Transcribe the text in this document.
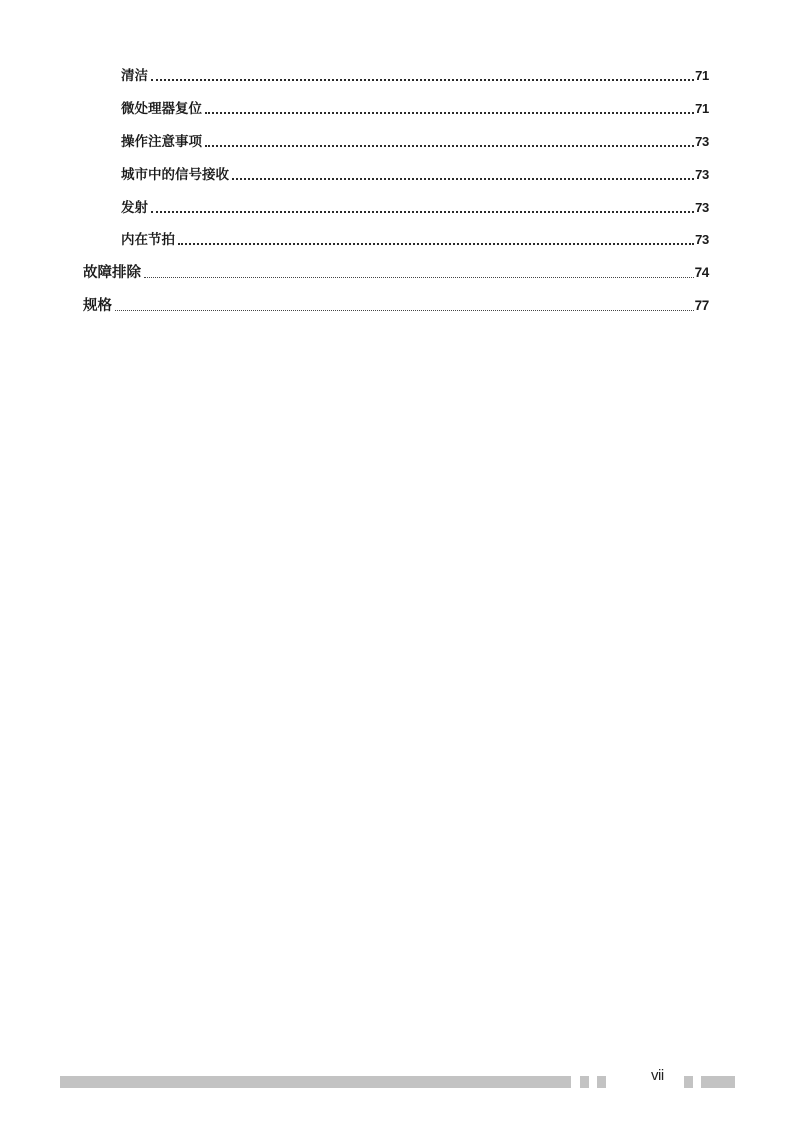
清洁	71
微处理器复位	71
操作注意事项	73
城市中的信号接收	73
发射	73
内在节拍	73
故障排除	74
规格	77
vii
